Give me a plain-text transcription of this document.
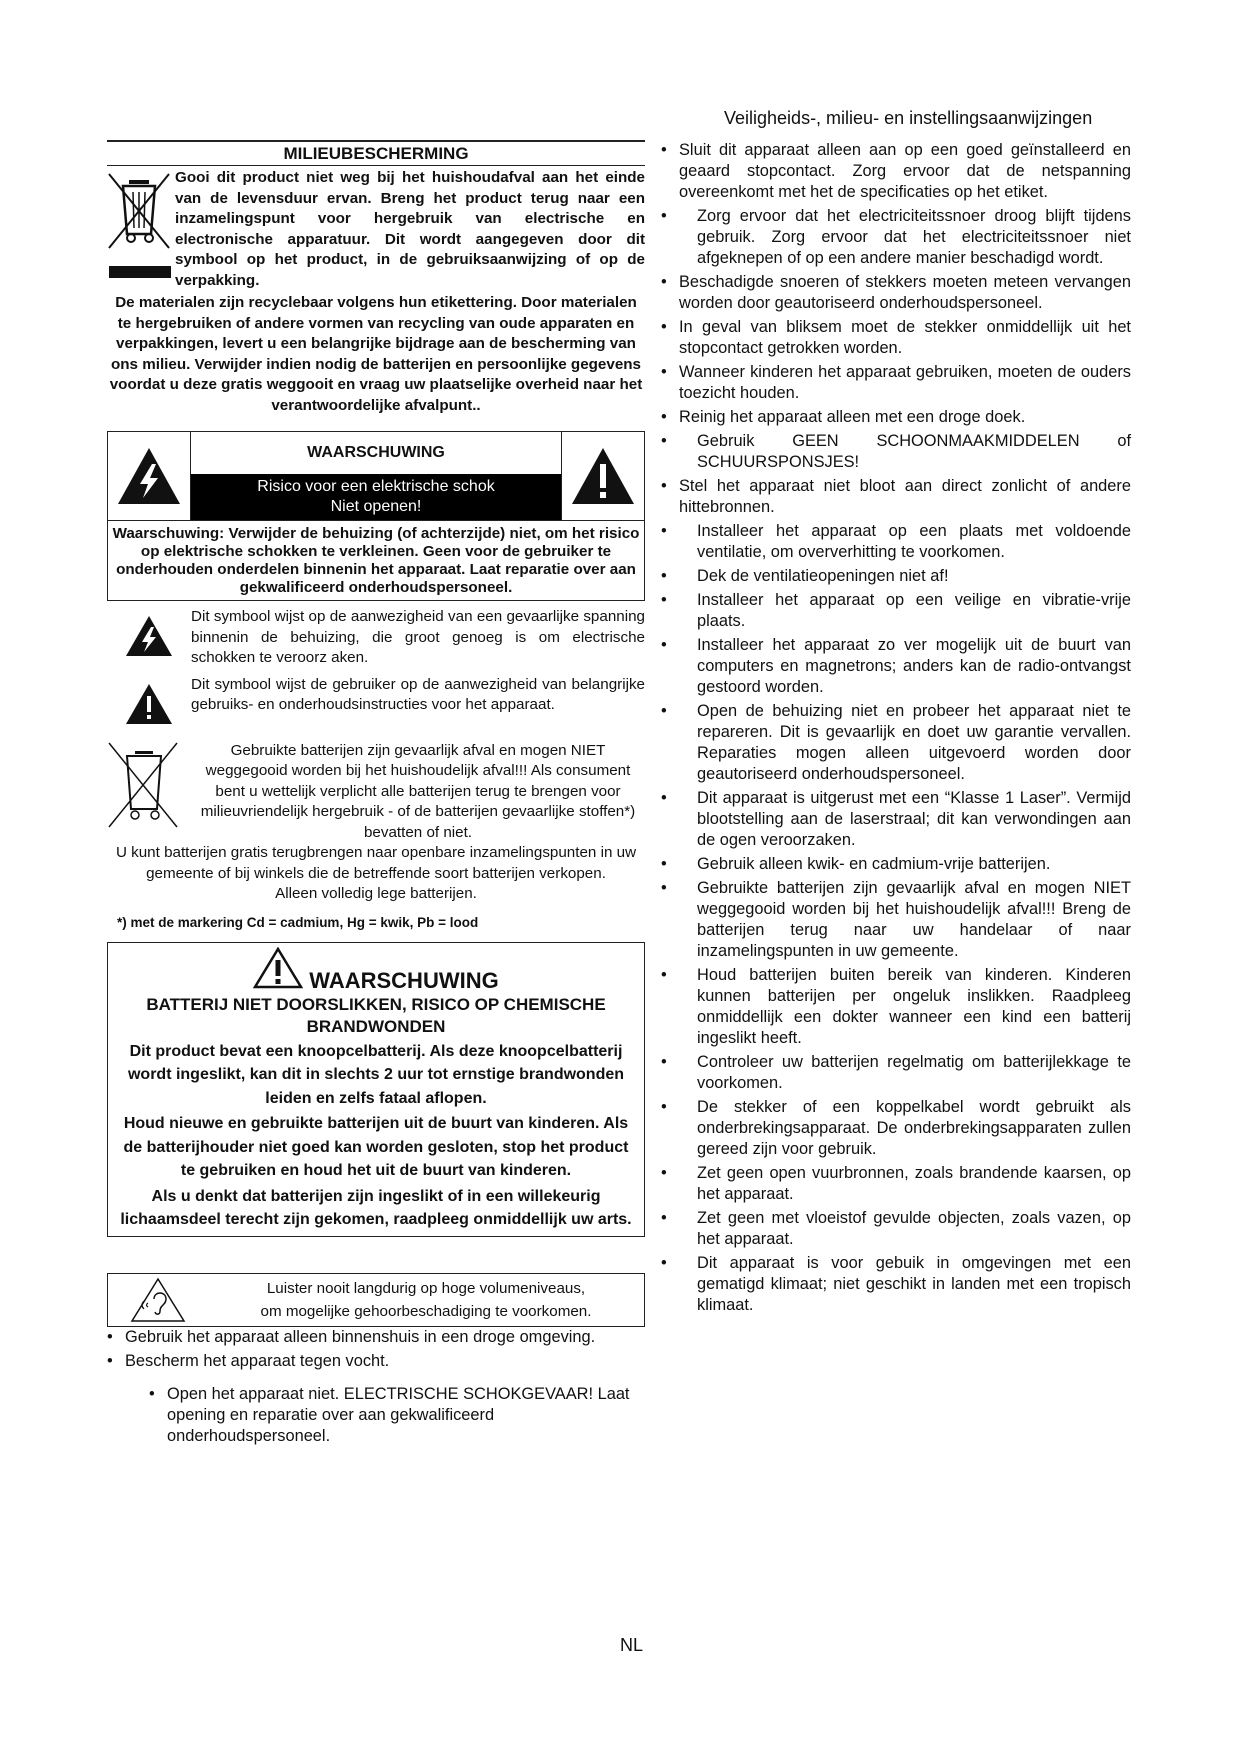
Veiligheids-, milieu- en instellingsaanwijzingen
MILIEUBESCHERMING
Gooi dit product niet weg bij het huishoudafval aan het einde van de levensduur ervan. Breng het product terug naar een inzamelingspunt voor hergebruik van electrische en electronische apparatuur. Dit wordt aangegeven door dit symbool op het product, in de gebruiksaanwijzing of op de verpakking.
De materialen zijn recyclebaar volgens hun etikettering. Door materialen te hergebruiken of andere vormen van recycling van oude apparaten en verpakkingen, levert u een belangrijke bijdrage aan de bescherming van ons milieu. Verwijder indien nodig de batterijen en persoonlijke gegevens voordat u deze gratis weggooit en vraag uw plaatselijke overheid naar het verantwoordelijke afvalpunt..
WAARSCHUWING
Risico voor een elektrische schok
Niet openen!
Waarschuwing: Verwijder de behuizing (of achterzijde) niet, om het risico op elektrische schokken te verkleinen. Geen voor de gebruiker te onderhouden onderdelen binnenin het apparaat. Laat reparatie over aan gekwalificeerd onderhoudspersoneel.
Dit symbool wijst op de aanwezigheid van een gevaarlijke spanning binnenin de behuizing, die groot genoeg is om electrische schokken te veroorz aken.
Dit symbool wijst de gebruiker op de aanwezigheid van belangrijke gebruiks- en onderhoudsinstructies voor het apparaat.
Gebruikte batterijen zijn gevaarlijk afval en mogen NIET weggegooid worden bij het huishoudelijk afval!!! Als consument bent u wettelijk verplicht alle batterijen terug te brengen voor milieuvriendelijk hergebruik - of de batterijen gevaarlijke stoffen*) bevatten of niet.
U kunt batterijen gratis terugbrengen naar openbare inzamelingspunten in uw gemeente of bij winkels die de betreffende soort batterijen verkopen.
Alleen volledig lege batterijen.
*) met de markering Cd = cadmium, Hg = kwik, Pb = lood
WAARSCHUWING
BATTERIJ NIET DOORSLIKKEN, RISICO OP CHEMISCHE BRANDWONDEN
Dit product bevat een knoopcelbatterij. Als deze knoopcelbatterij wordt ingeslikt, kan dit in slechts 2 uur tot ernstige brandwonden leiden en zelfs fataal aflopen.
Houd nieuwe en gebruikte batterijen uit de buurt van kinderen. Als de batterijhouder niet goed kan worden gesloten, stop het product te gebruiken en houd het uit de buurt van kinderen.
Als u denkt dat batterijen zijn ingeslikt of in een willekeurig lichaamsdeel terecht zijn gekomen, raadpleeg onmiddellijk uw arts.
Luister nooit langdurig op hoge volumeniveaus,
om mogelijke gehoorbeschadiging te voorkomen.
• Gebruik het apparaat alleen binnenshuis in een droge omgeving.
• Bescherm het apparaat tegen vocht.
• Open het apparaat niet. ELECTRISCHE SCHOKGEVAAR! Laat opening en reparatie over aan gekwalificeerd onderhoudspersoneel.
• Sluit dit apparaat alleen aan op een goed geïnstalleerd en geaard stopcontact. Zorg ervoor dat de netspanning overeenkomt met het de specificaties op het etiket.
• Zorg ervoor dat het electriciteitssnoer droog blijft tijdens gebruik. Zorg ervoor dat het electriciteitssnoer niet afgeknepen of op een andere manier beschadigd wordt.
• Beschadigde snoeren of stekkers moeten meteen vervangen worden door geautoriseerd onderhoudspersoneel.
• In geval van bliksem moet de stekker onmiddellijk uit het stopcontact getrokken worden.
• Wanneer kinderen het apparaat gebruiken, moeten de ouders toezicht houden.
• Reinig het apparaat alleen met een droge doek.
• Gebruik GEEN SCHOONMAAKMIDDELEN of SCHUURSPONSJES!
• Stel het apparaat niet bloot aan direct zonlicht of andere hittebronnen.
• Installeer het apparaat op een plaats met voldoende ventilatie, om oververhitting te voorkomen.
• Dek de ventilatieopeningen niet af!
• Installeer het apparaat op een veilige en vibratie-vrije plaats.
• Installeer het apparaat zo ver mogelijk uit de buurt van computers en magnetrons; anders kan de radio-ontvangst gestoord worden.
• Open de behuizing niet en probeer het apparaat niet te repareren. Dit is gevaarlijk en doet uw garantie vervallen. Reparaties mogen alleen uitgevoerd worden door geautoriseerd onderhoudspersoneel.
• Dit apparaat is uitgerust met een “Klasse 1 Laser”. Vermijd blootstelling aan de laserstraal; dit kan verwondingen aan de ogen veroorzaken.
• Gebruik alleen kwik- en cadmium-vrije batterijen.
• Gebruikte batterijen zijn gevaarlijk afval en mogen NIET weggegooid worden bij het huishoudelijk afval!!! Breng de batterijen terug naar uw handelaar of naar inzamelingspunten in uw gemeente.
• Houd batterijen buiten bereik van kinderen. Kinderen kunnen batterijen per ongeluk inslikken. Raadpleeg onmiddellijk een dokter wanneer een kind een batterij ingeslikt heeft.
• Controleer uw batterijen regelmatig om batterijlekkage te voorkomen.
• De stekker of een koppelkabel wordt gebruikt als onderbrekingsapparaat. De onderbrekingsapparaten zullen gereed zijn voor gebruik.
• Zet geen open vuurbronnen, zoals brandende kaarsen, op het apparaat.
• Zet geen met vloeistof gevulde objecten, zoals vazen, op het apparaat.
• Dit apparaat is voor gebuik in omgevingen met een gematigd klimaat; niet geschikt in landen met een tropisch klimaat.
NL
